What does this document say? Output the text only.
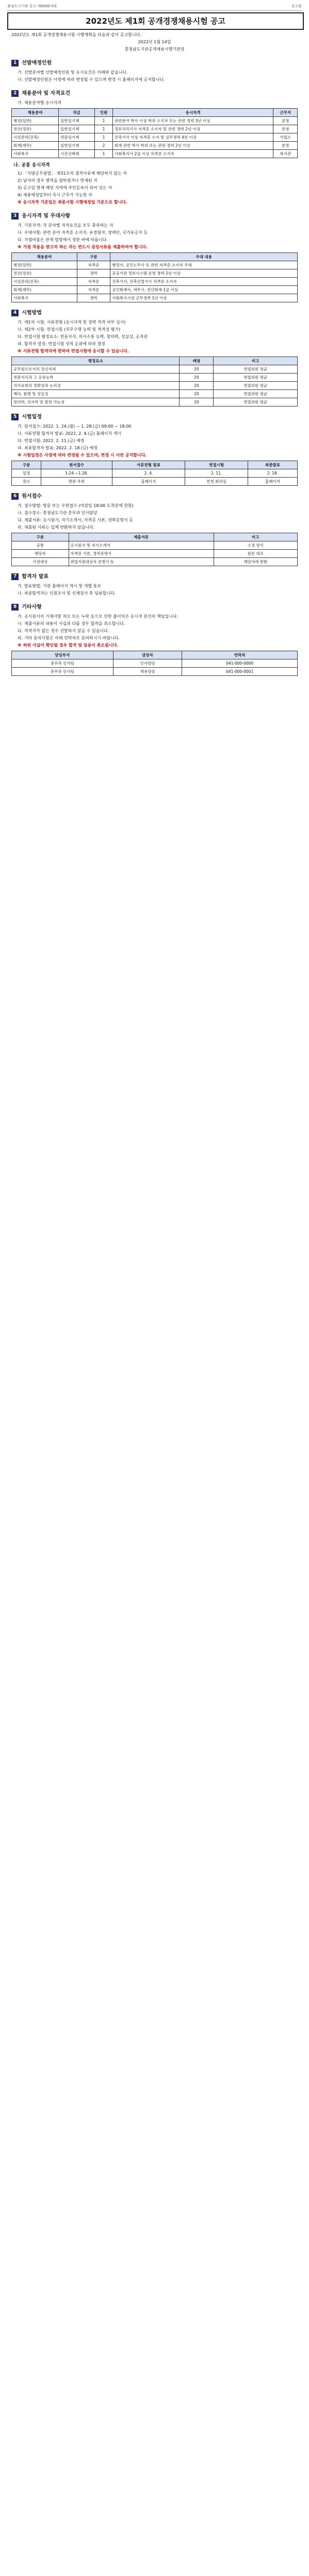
충남도시기관 공고 제0000-0호	공고문
2022년도 제1회 공개경쟁채용시험 공고

2022년도 제1회 공개경쟁채용시험 시행계획을 다음과 같이 공고합니다.

2022년 1월 14일

충청남도기관공개채용시행기관장

1	선발예정인원

가. 선발분야별 선발예정인원 및 응시요건은 아래와 같습니다.

나. 선발예정인원은 사정에 따라 변경될 수 있으며 변경 시 홈페이지에 공지합니다.

2	채용분야 및 자격요건

가. 채용분야별 응시자격

채용분야	직급	인원	응시자격	근무지
행정(일반)	일반임기제	1	관련분야 학사 이상 학위 소지자 또는 관련 경력 3년 이상	본청
전산(정보)	일반임기제	1	정보처리기사 자격증 소지자 및 관련 경력 2년 이상	본청
시설관리(건축)	전문임기제	1	건축기사 이상 자격증 소지 및 실무경력 4년 이상	사업소
회계(재무)	일반임기제	2	회계 관련 학사 학위 또는 관련 경력 2년 이상	본청
사회복지	시간선택제	1	사회복지사 2급 이상 자격증 소지자	복지관
나. 공통 응시자격

1) 「지방공무원법」 제31조의 결격사유에 해당하지 않는 자

2) 남자의 경우 병역을 필하였거나 면제된 자

3) 공고일 현재 해당 지역에 주민등록이 되어 있는 자

4) 채용예정일부터 즉시 근무가 가능한 자

※ 응시자격 기준일은 최종시험 시행예정일 기준으로 합니다.

3	응시자격 및 우대사항

가. 기본자격: 각 분야별 자격요건을 모두 충족하는 자

나. 우대사항: 관련 분야 자격증 소지자, 유경험자, 장애인, 국가유공자 등

다. 가점비율은 관계 법령에서 정한 바에 따릅니다.

※ 가점 적용을 받고자 하는 자는 반드시 증빙서류를 제출하여야 합니다.

채용분야	구분	우대 내용
행정(일반)	자격증	행정사, 공인노무사 등 관련 자격증 소지자 우대
전산(정보)	경력	공공기관 정보시스템 운영 경력 2년 이상
시설관리(건축)	자격증	건축기사, 건축산업기사 자격증 소지자
회계(재무)	자격증	공인회계사, 세무사, 전산회계 1급 이상
사회복지	경력	사회복지시설 근무경력 1년 이상
4	시험방법

가. 제1차 시험: 서류전형 (응시자격 및 경력 적격 여부 심사)

나. 제2차 시험: 면접시험 (직무수행 능력 및 적격성 평가)

다. 면접시험 평정요소: 전문지식, 의사소통 능력, 창의력, 성실성, 공직관

라. 합격자 결정: 면접시험 성적 순위에 따라 결정

※ 서류전형 합격자에 한하여 면접시험에 응시할 수 있습니다.

평정요소	배점	비고
공무원으로서의 정신자세	20	면접위원 평균
전문지식과 그 응용능력	20	면접위원 평균
의사표현의 정확성과 논리성	20	면접위원 평균
예의, 품행 및 성실성	20	면접위원 평균
창의력, 의지력 및 발전 가능성	20	면접위원 평균
5	시험일정

가. 원서접수: 2022. 1. 24.(월) ~ 1. 28.(금) 09:00 ~ 18:00

나. 서류전형 합격자 발표: 2022. 2. 4.(금) 홈페이지 게시

다. 면접시험: 2022. 2. 11.(금) 예정

라. 최종합격자 발표: 2022. 2. 18.(금) 예정

※ 시험일정은 사정에 따라 변경될 수 있으며, 변경 시 사전 공지합니다.

구분	원서접수	서류전형 발표	면접시험	최종발표
일정	1.24.~1.28.	2. 4.	2. 11.	2. 18.
장소	방문·우편	홈페이지	본청 회의실	홈페이지
6	원서접수

가. 접수방법: 방문 또는 우편접수 (마감일 18:00 도착분에 한함)

나. 접수장소: 충청남도기관 총무과 인사담당

다. 제출서류: 응시원서, 자기소개서, 자격증 사본, 경력증명서 등

라. 제출된 서류는 일체 반환하지 않습니다.

구분	제출서류	비고
공통	응시원서 및 자기소개서	소정 양식
해당자	자격증 사본, 경력증명서	원본 대조
가점대상	취업지원대상자 증명서 등	해당자에 한함
7	합격자 발표

가. 발표방법: 기관 홈페이지 게시 및 개별 통보

나. 최종합격자는 신원조사 및 신체검사 후 임용합니다.

8	기타사항

가. 응시원서의 기재사항 착오 또는 누락 등으로 인한 불이익은 응시자 본인의 책임입니다.

나. 제출서류의 내용이 사실과 다를 경우 합격을 취소합니다.

다. 적격자가 없는 경우 선발하지 않을 수 있습니다.

라. 기타 문의사항은 아래 연락처로 문의하시기 바랍니다.

※ 허위 사실이 확인될 경우 합격 및 임용이 취소됩니다.

담당부서	담당자	연락처
총무과 인사팀	인사담당	041-000-0000
총무과 인사팀	채용담당	041-000-0001
